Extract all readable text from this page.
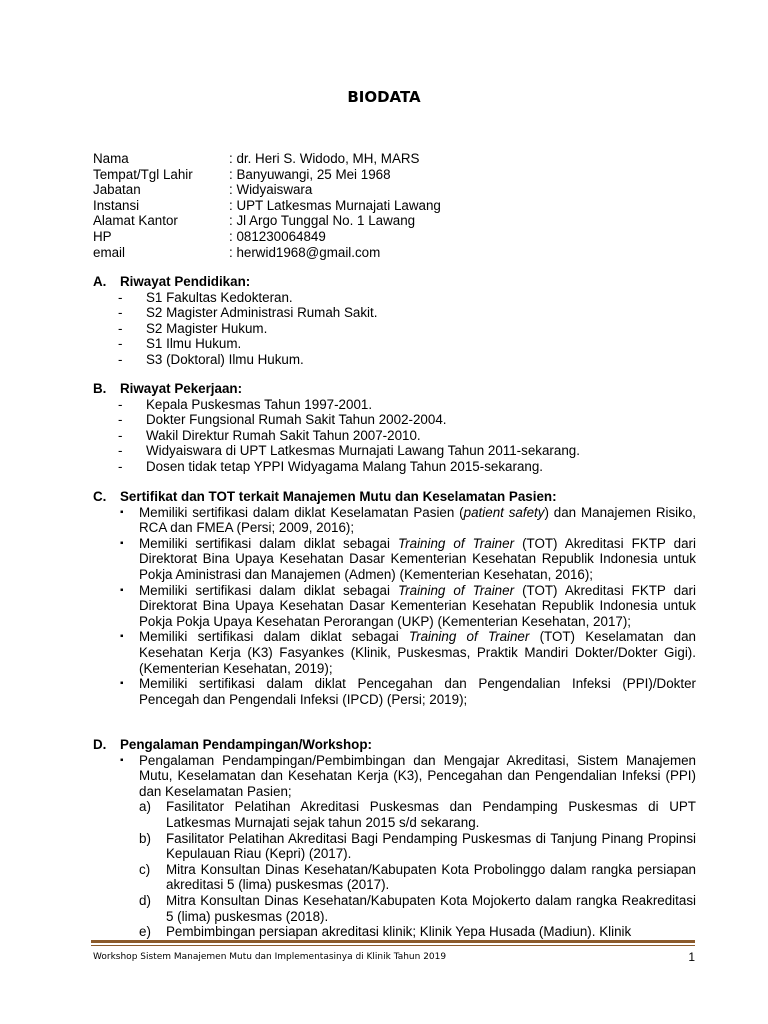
BIODATA
Nama	: dr. Heri S. Widodo, MH, MARS
Tempat/Tgl Lahir	: Banyuwangi, 25 Mei 1968
Jabatan	: Widyaiswara
Instansi	: UPT Latkesmas Murnajati Lawang
Alamat Kantor	: Jl Argo Tunggal No. 1 Lawang
HP	: 081230064849
email	: herwid1968@gmail.com
A.	Riwayat Pendidikan:
-	S1 Fakultas Kedokteran.
-	S2 Magister Administrasi Rumah Sakit.
-	S2 Magister Hukum.
-	S1 Ilmu Hukum.
-	S3 (Doktoral) Ilmu Hukum.
B.	Riwayat Pekerjaan:
-	Kepala Puskesmas Tahun 1997-2001.
-	Dokter Fungsional Rumah Sakit Tahun 2002-2004.
-	Wakil Direktur Rumah Sakit Tahun 2007-2010.
-	Widyaiswara di UPT Latkesmas Murnajati Lawang Tahun 2011-sekarang.
-	Dosen tidak tetap YPPI Widyagama Malang Tahun 2015-sekarang.
C.	Sertifikat dan TOT terkait Manajemen Mutu dan Keselamatan Pasien:
▪	Memiliki sertifikasi dalam diklat Keselamatan Pasien (patient safety) dan Manajemen Risiko, RCA dan FMEA (Persi; 2009, 2016);
▪	Memiliki sertifikasi dalam diklat sebagai Training of Trainer (TOT) Akreditasi FKTP dari Direktorat Bina Upaya Kesehatan Dasar Kementerian Kesehatan Republik Indonesia untuk Pokja Aministrasi dan Manajemen (Admen) (Kementerian Kesehatan, 2016);
▪	Memiliki sertifikasi dalam diklat sebagai Training of Trainer (TOT) Akreditasi FKTP dari Direktorat Bina Upaya Kesehatan Dasar Kementerian Kesehatan Republik Indonesia untuk Pokja Pokja Upaya Kesehatan Perorangan (UKP) (Kementerian Kesehatan, 2017);
▪	Memiliki sertifikasi dalam diklat sebagai Training of Trainer (TOT) Keselamatan dan Kesehatan Kerja (K3) Fasyankes (Klinik, Puskesmas, Praktik Mandiri Dokter/Dokter Gigi). (Kementerian Kesehatan, 2019);
▪	Memiliki sertifikasi dalam diklat Pencegahan dan Pengendalian Infeksi (PPI)/Dokter Pencegah dan Pengendali Infeksi (IPCD) (Persi; 2019);
D.	Pengalaman Pendampingan/Workshop:
▪	Pengalaman Pendampingan/Pembimbingan dan Mengajar Akreditasi, Sistem Manajemen Mutu, Keselamatan dan Kesehatan Kerja (K3), Pencegahan dan Pengendalian Infeksi (PPI) dan Keselamatan Pasien;
a)	Fasilitator Pelatihan Akreditasi Puskesmas dan Pendamping Puskesmas di UPT Latkesmas Murnajati sejak tahun 2015 s/d sekarang.
b)	Fasilitator Pelatihan Akreditasi Bagi Pendamping Puskesmas di Tanjung Pinang Propinsi Kepulauan Riau (Kepri) (2017).
c)	Mitra Konsultan Dinas Kesehatan/Kabupaten Kota Probolinggo dalam rangka persiapan akreditasi 5 (lima) puskesmas (2017).
d)	Mitra Konsultan Dinas Kesehatan/Kabupaten Kota Mojokerto dalam rangka Reakreditasi 5 (lima) puskesmas (2018).
e)	Pembimbingan persiapan akreditasi klinik; Klinik Yepa Husada (Madiun). Klinik
Workshop Sistem Manajemen Mutu dan Implementasinya di Klinik Tahun 2019	1
